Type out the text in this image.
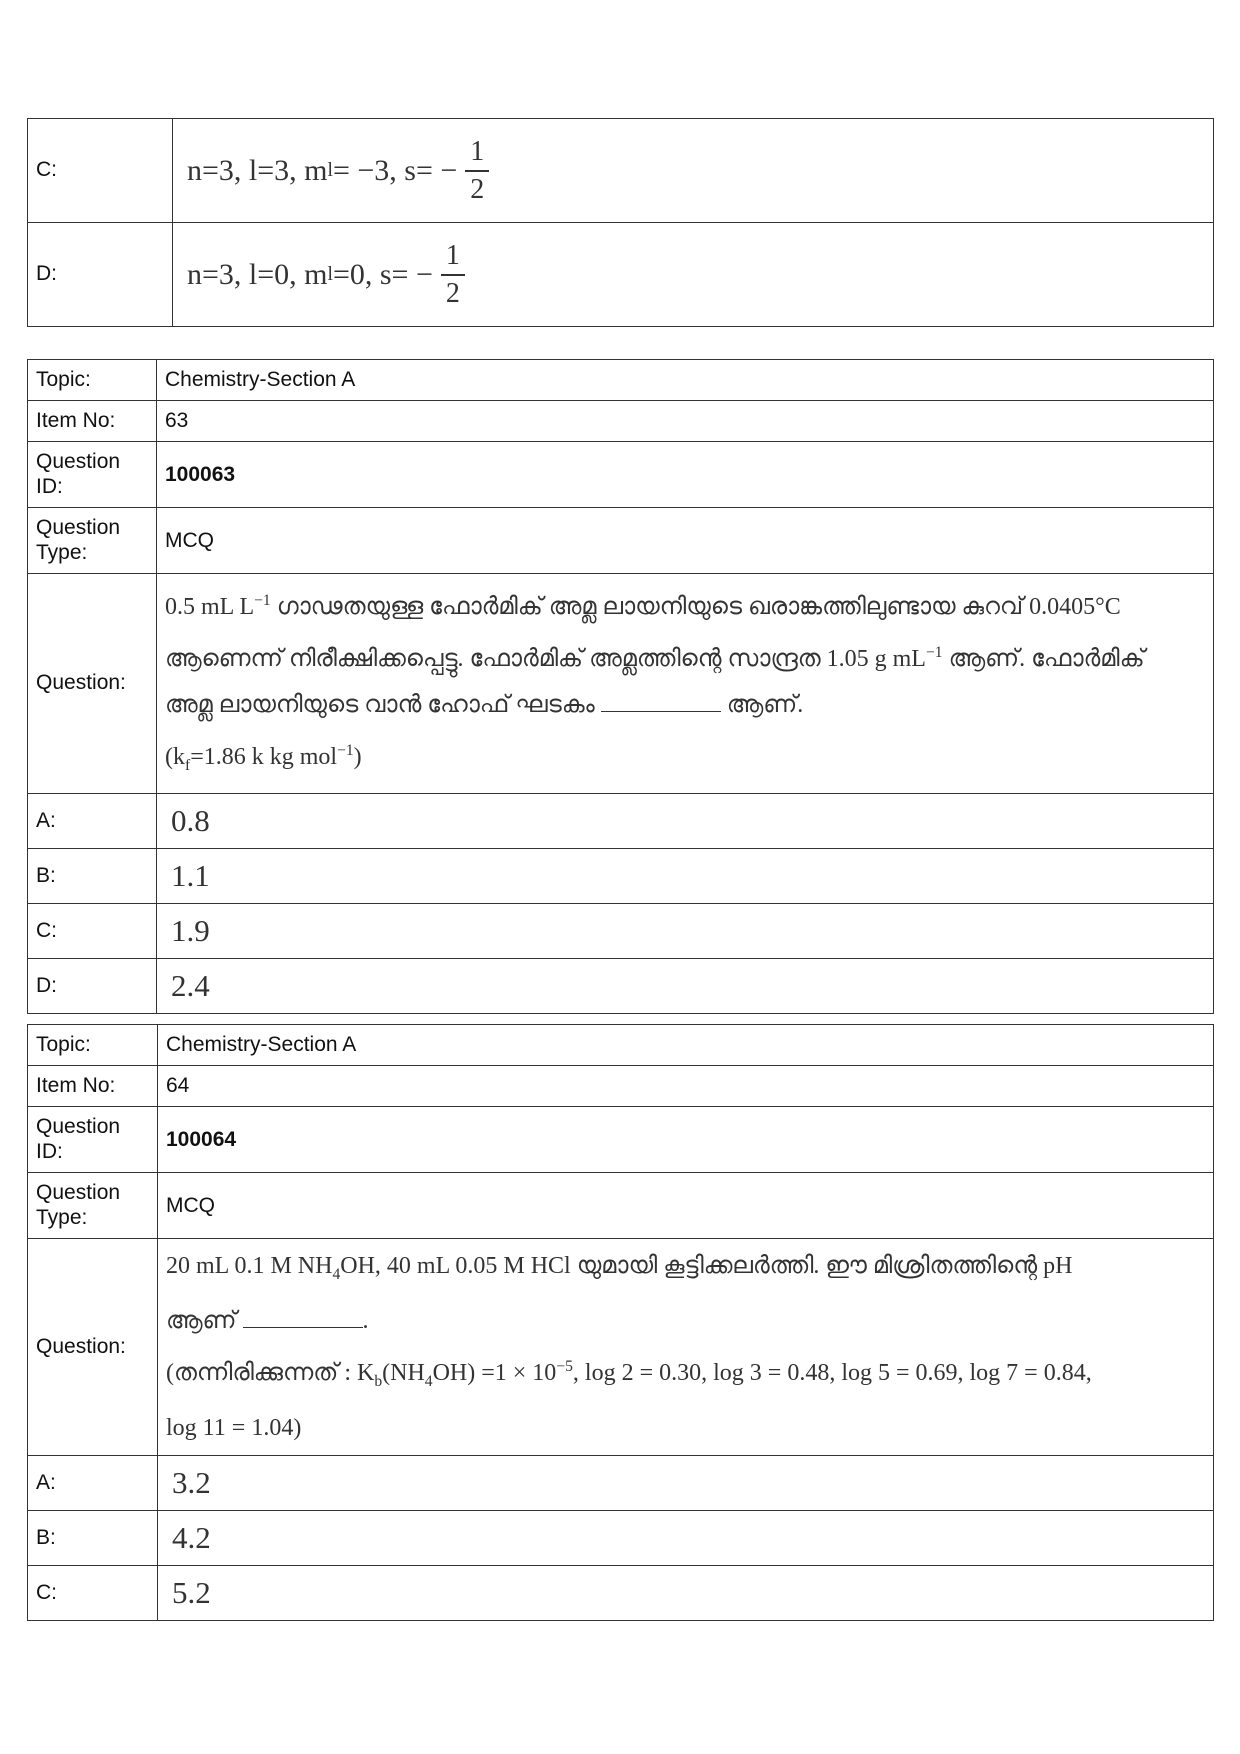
C:	n=3, l=3, m l = −3, $s= - \frac{1}{2}$

D:	n=3, l=0, m l =0, $s= - \frac{1}{2}$
Topic:	Chemistry-Section A
Item No:	63
Question ID:	100063
Question Type:	MCQ
Question:	0.5 mL $L^{-1}$ ഗാഢതയുള്ള ഫോർമിക് അമ്ല ലായനിയുടെ ഖരാങ്കത്തിലുണ്ടായ കുറവ് 0.0405°C
ആണെന്ന് നിരീക്ഷിക്കപ്പെട്ടു. ഫോർമിക് അമ്ലത്തിന്റെ സാന്ദ്രത 1.05 g $mL^{-1}$ ആണ്. ഫോർമിക്
അമ്ല ലായനിയുടെ വാൻ ഹോഫ് ഘടകം ആണ്.
($k_f=1.86$ k kg mol$^{-1}$)

A:	0.8
B:	1.1
C:	1.9
D:	2.4
Topic:	Chemistry-Section A
Item No:	64
Question ID:	100064
Question Type:	MCQ
Question:	20 mL 0.1 M $NH_4OH$, 40 mL 0.05 M HCl യുമായി കൂട്ടിക്കലർത്തി. ഈ മിശ്രിതത്തിന്റെ pH
ആണ് .
(തന്നിരിക്കുന്നത് : $K_b(NH_4OH) =1 \times 10^{-5}$, log 2 = 0.30, log 3 = 0.48, log 5 = 0.69, log 7 = 0.84,
log 11 = 1.04)

A:	3.2
B:	4.2
C:	5.2
